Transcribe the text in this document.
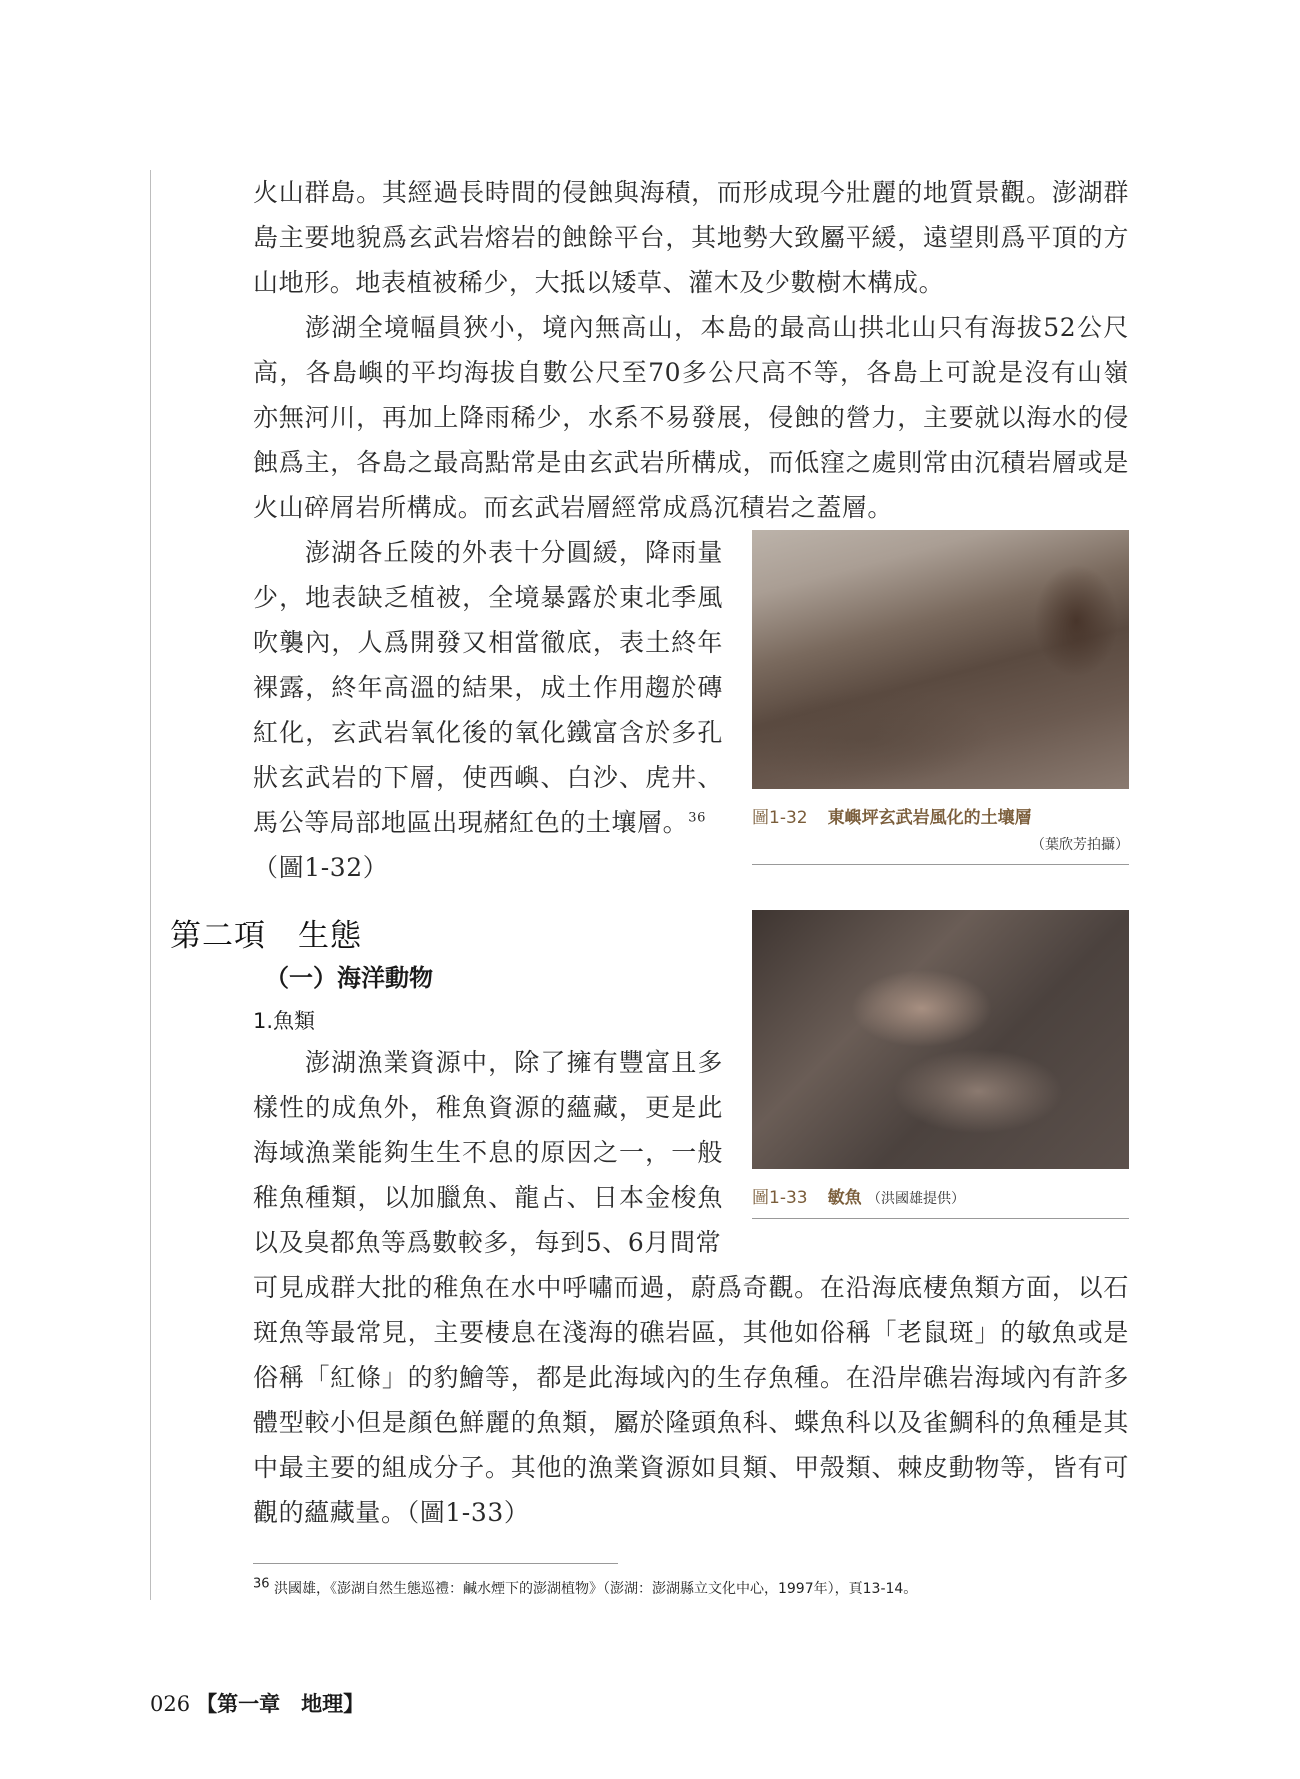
火山群島。其經過長時間的侵蝕與海積，而形成現今壯麗的地質景觀。澎湖群島主要地貌爲玄武岩熔岩的蝕餘平台，其地勢大致屬平緩，遠望則爲平頂的方山地形。地表植被稀少，大抵以矮草、灌木及少數樹木構成。

澎湖全境幅員狹小，境內無高山，本島的最高山拱北山只有海拔52公尺高，各島嶼的平均海拔自數公尺至70多公尺高不等，各島上可說是沒有山嶺亦無河川，再加上降雨稀少，水系不易發展，侵蝕的營力，主要就以海水的侵蝕爲主，各島之最高點常是由玄武岩所構成，而低窪之處則常由沉積岩層或是火山碎屑岩所構成。而玄武岩層經常成爲沉積岩之蓋層。

澎湖各丘陵的外表十分圓緩，降雨量少，地表缺乏植被，全境暴露於東北季風吹襲內，人爲開發又相當徹底，表土終年裸露，終年高溫的結果，成土作用趨於磚紅化，玄武岩氧化後的氧化鐵富含於多孔狀玄武岩的下層，使西嶼、白沙、虎井、馬公等局部地區出現赭紅色的土壤層。$^{36}$
（圖1-32）

圖1-32 東嶼坪玄武岩風化的土壤層
（葉欣芳拍攝）
第二項　生態
（一）海洋動物

1.魚類

圖1-33 敏魚 （洪國雄提供）

澎湖漁業資源中，除了擁有豐富且多樣性的成魚外，稚魚資源的蘊藏，更是此海域漁業能夠生生不息的原因之一，一般稚魚種類，以加臘魚、龍占、日本金梭魚以及臭都魚等爲數較多，每到5、6月間常

可見成群大批的稚魚在水中呼嘯而過，蔚爲奇觀。在沿海底棲魚類方面，以石斑魚等最常見，主要棲息在淺海的礁岩區，其他如俗稱「老鼠斑」的敏魚或是俗稱「紅條」的豹鱠等，都是此海域內的生存魚種。在沿岸礁岩海域內有許多體型較小但是顏色鮮麗的魚類，屬於隆頭魚科、蝶魚科以及雀鯛科的魚種是其中最主要的組成分子。其他的漁業資源如貝類、甲殼類、棘皮動物等，皆有可觀的蘊藏量。（圖1-33）

$^{36}$ 洪國雄，《澎湖自然生態巡禮：鹹水煙下的澎湖植物》（澎湖：澎湖縣立文化中心，1997年），頁13-14。

026 【第一章　地理】
